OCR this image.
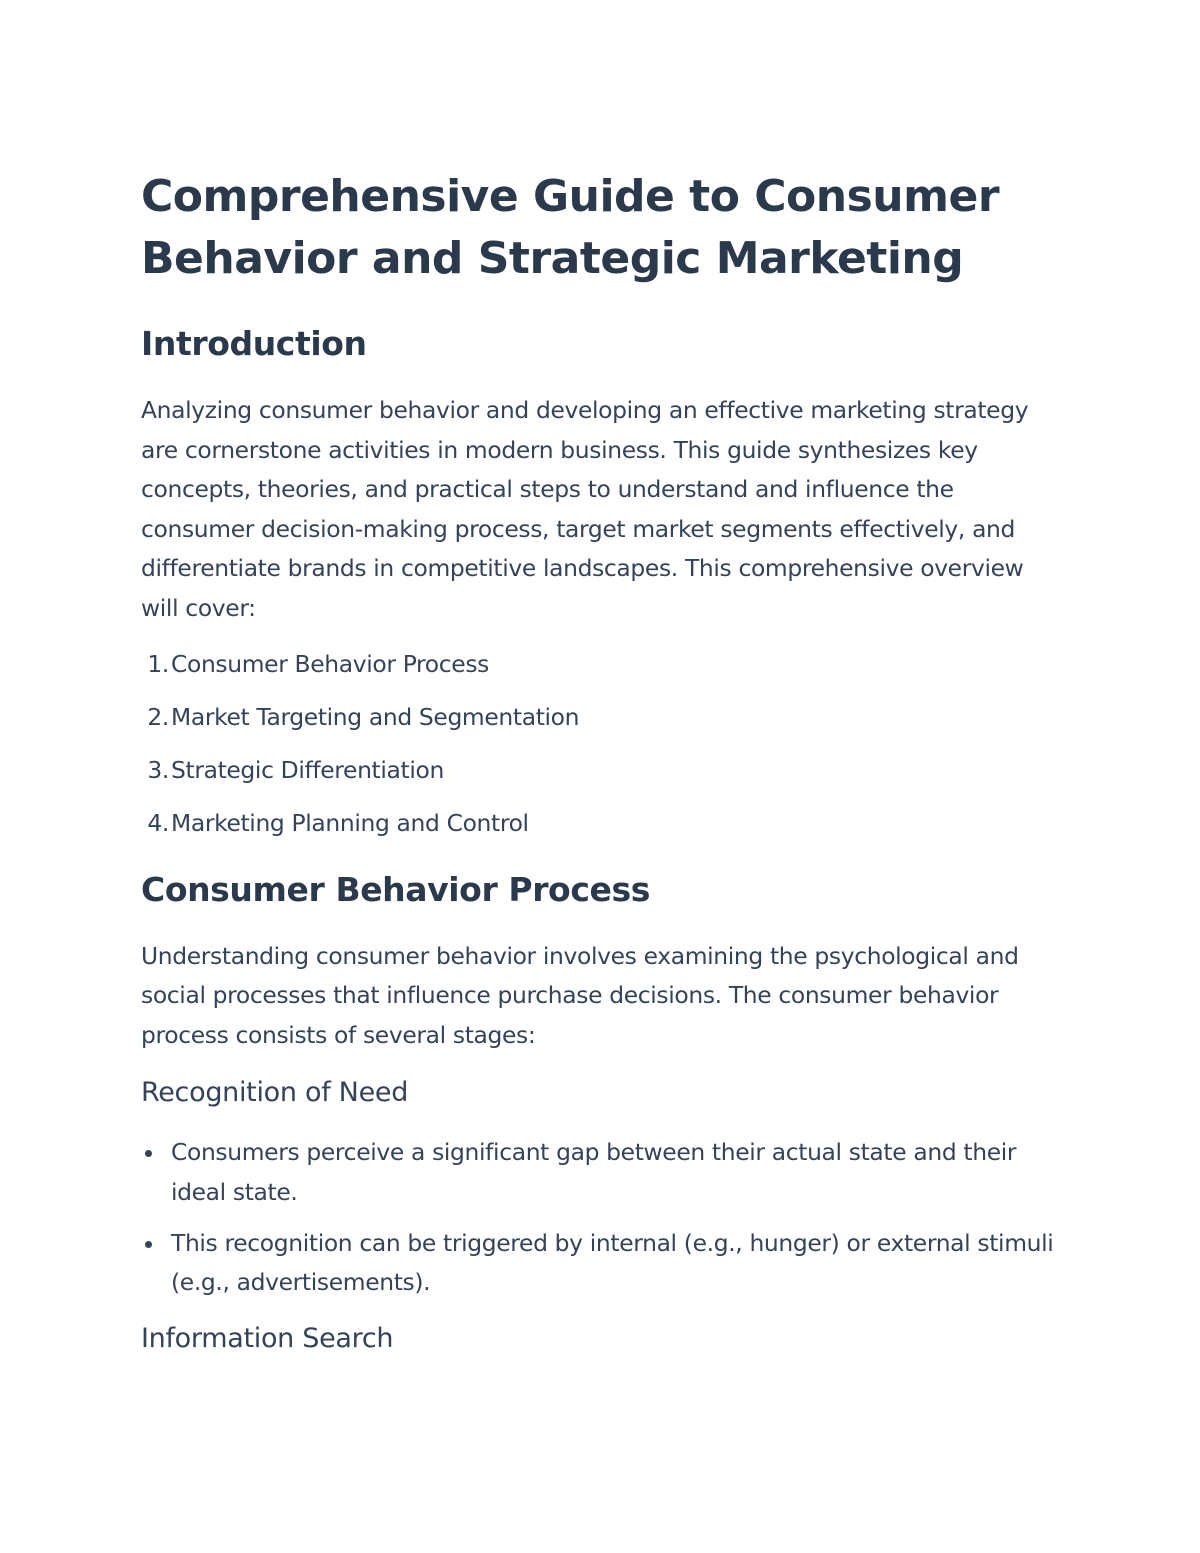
Comprehensive Guide to Consumer Behavior and Strategic Marketing
Introduction

Analyzing consumer behavior and developing an effective marketing strategy are cornerstone activities in modern business. This guide synthesizes key concepts, theories, and practical steps to understand and influence the consumer decision-making process, target market segments effectively, and differentiate brands in competitive landscapes. This comprehensive overview will cover:

1. Consumer Behavior Process
2. Market Targeting and Segmentation
3. Strategic Differentiation
4. Marketing Planning and Control
Consumer Behavior Process

Understanding consumer behavior involves examining the psychological and social processes that influence purchase decisions. The consumer behavior process consists of several stages:

Recognition of Need
Consumers perceive a significant gap between their actual state and their ideal state.
This recognition can be triggered by internal (e.g., hunger) or external stimuli (e.g., advertisements).
Information Search
